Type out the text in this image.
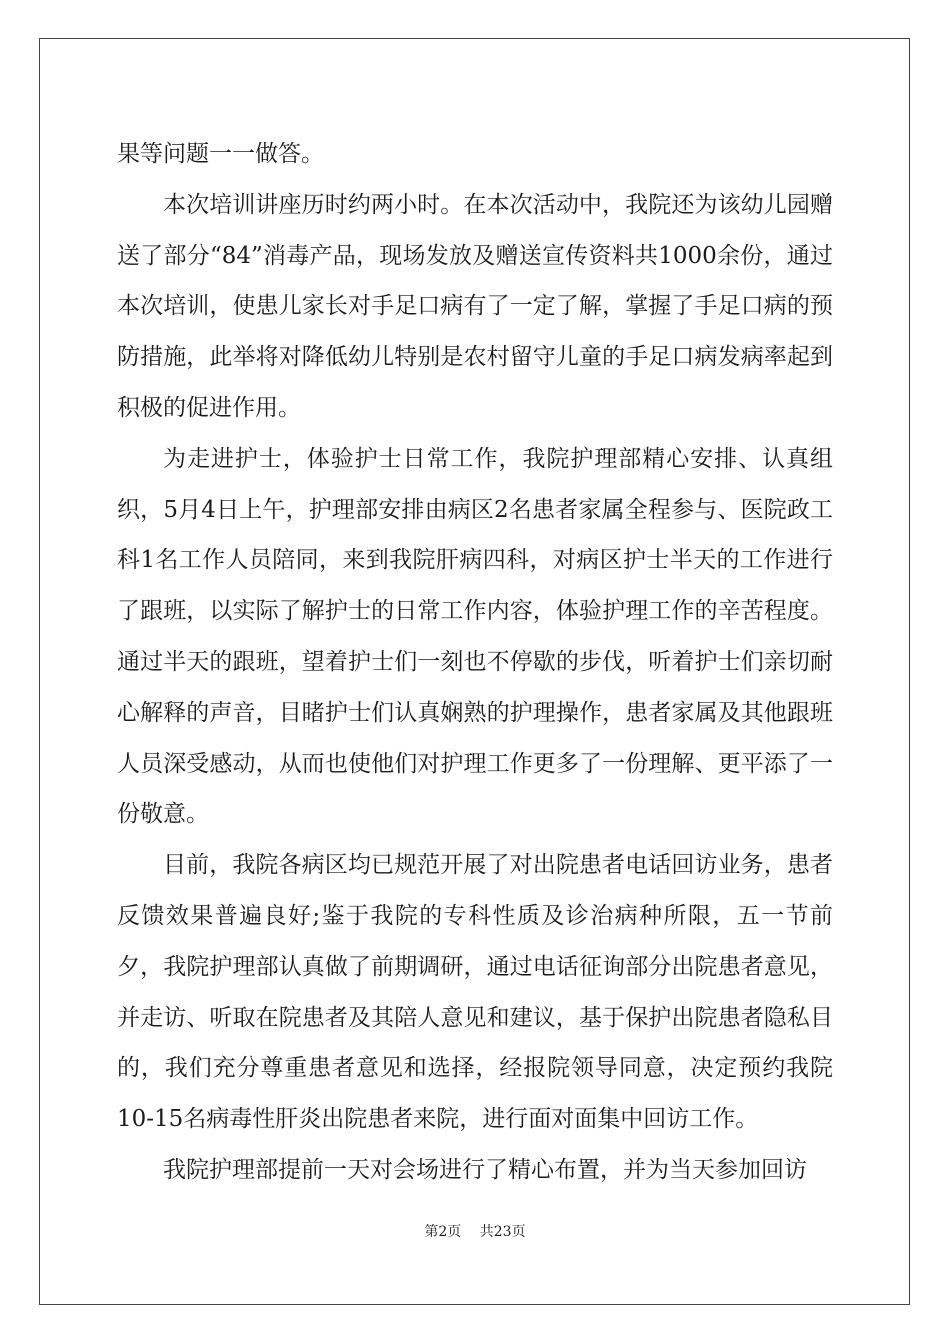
果等问题一一做答。

本次培训讲座历时约两小时。在本次活动中，我院还为该幼儿园赠送了部分“84”消毒产品，现场发放及赠送宣传资料共1000余份，通过本次培训，使患儿家长对手足口病有了一定了解，掌握了手足口病的预防措施，此举将对降低幼儿特别是农村留守儿童的手足口病发病率起到积极的促进作用。

为走进护士，体验护士日常工作，我院护理部精心安排、认真组织，5月4日上午，护理部安排由病区2名患者家属全程参与、医院政工科1名工作人员陪同，来到我院肝病四科，对病区护士半天的工作进行了跟班，以实际了解护士的日常工作内容，体验护理工作的辛苦程度。通过半天的跟班，望着护士们一刻也不停歇的步伐，听着护士们亲切耐心解释的声音，目睹护士们认真娴熟的护理操作，患者家属及其他跟班人员深受感动，从而也使他们对护理工作更多了一份理解、更平添了一份敬意。

目前，我院各病区均已规范开展了对出院患者电话回访业务，患者反馈效果普遍良好;鉴于我院的专科性质及诊治病种所限，五一节前夕，我院护理部认真做了前期调研，通过电话征询部分出院患者意见，并走访、听取在院患者及其陪人意见和建议，基于保护出院患者隐私目的，我们充分尊重患者意见和选择，经报院领导同意，决定预约我院10-15名病毒性肝炎出院患者来院，进行面对面集中回访工作。

我院护理部提前一天对会场进行了精心布置，并为当天参加回访

第2页 共23页
